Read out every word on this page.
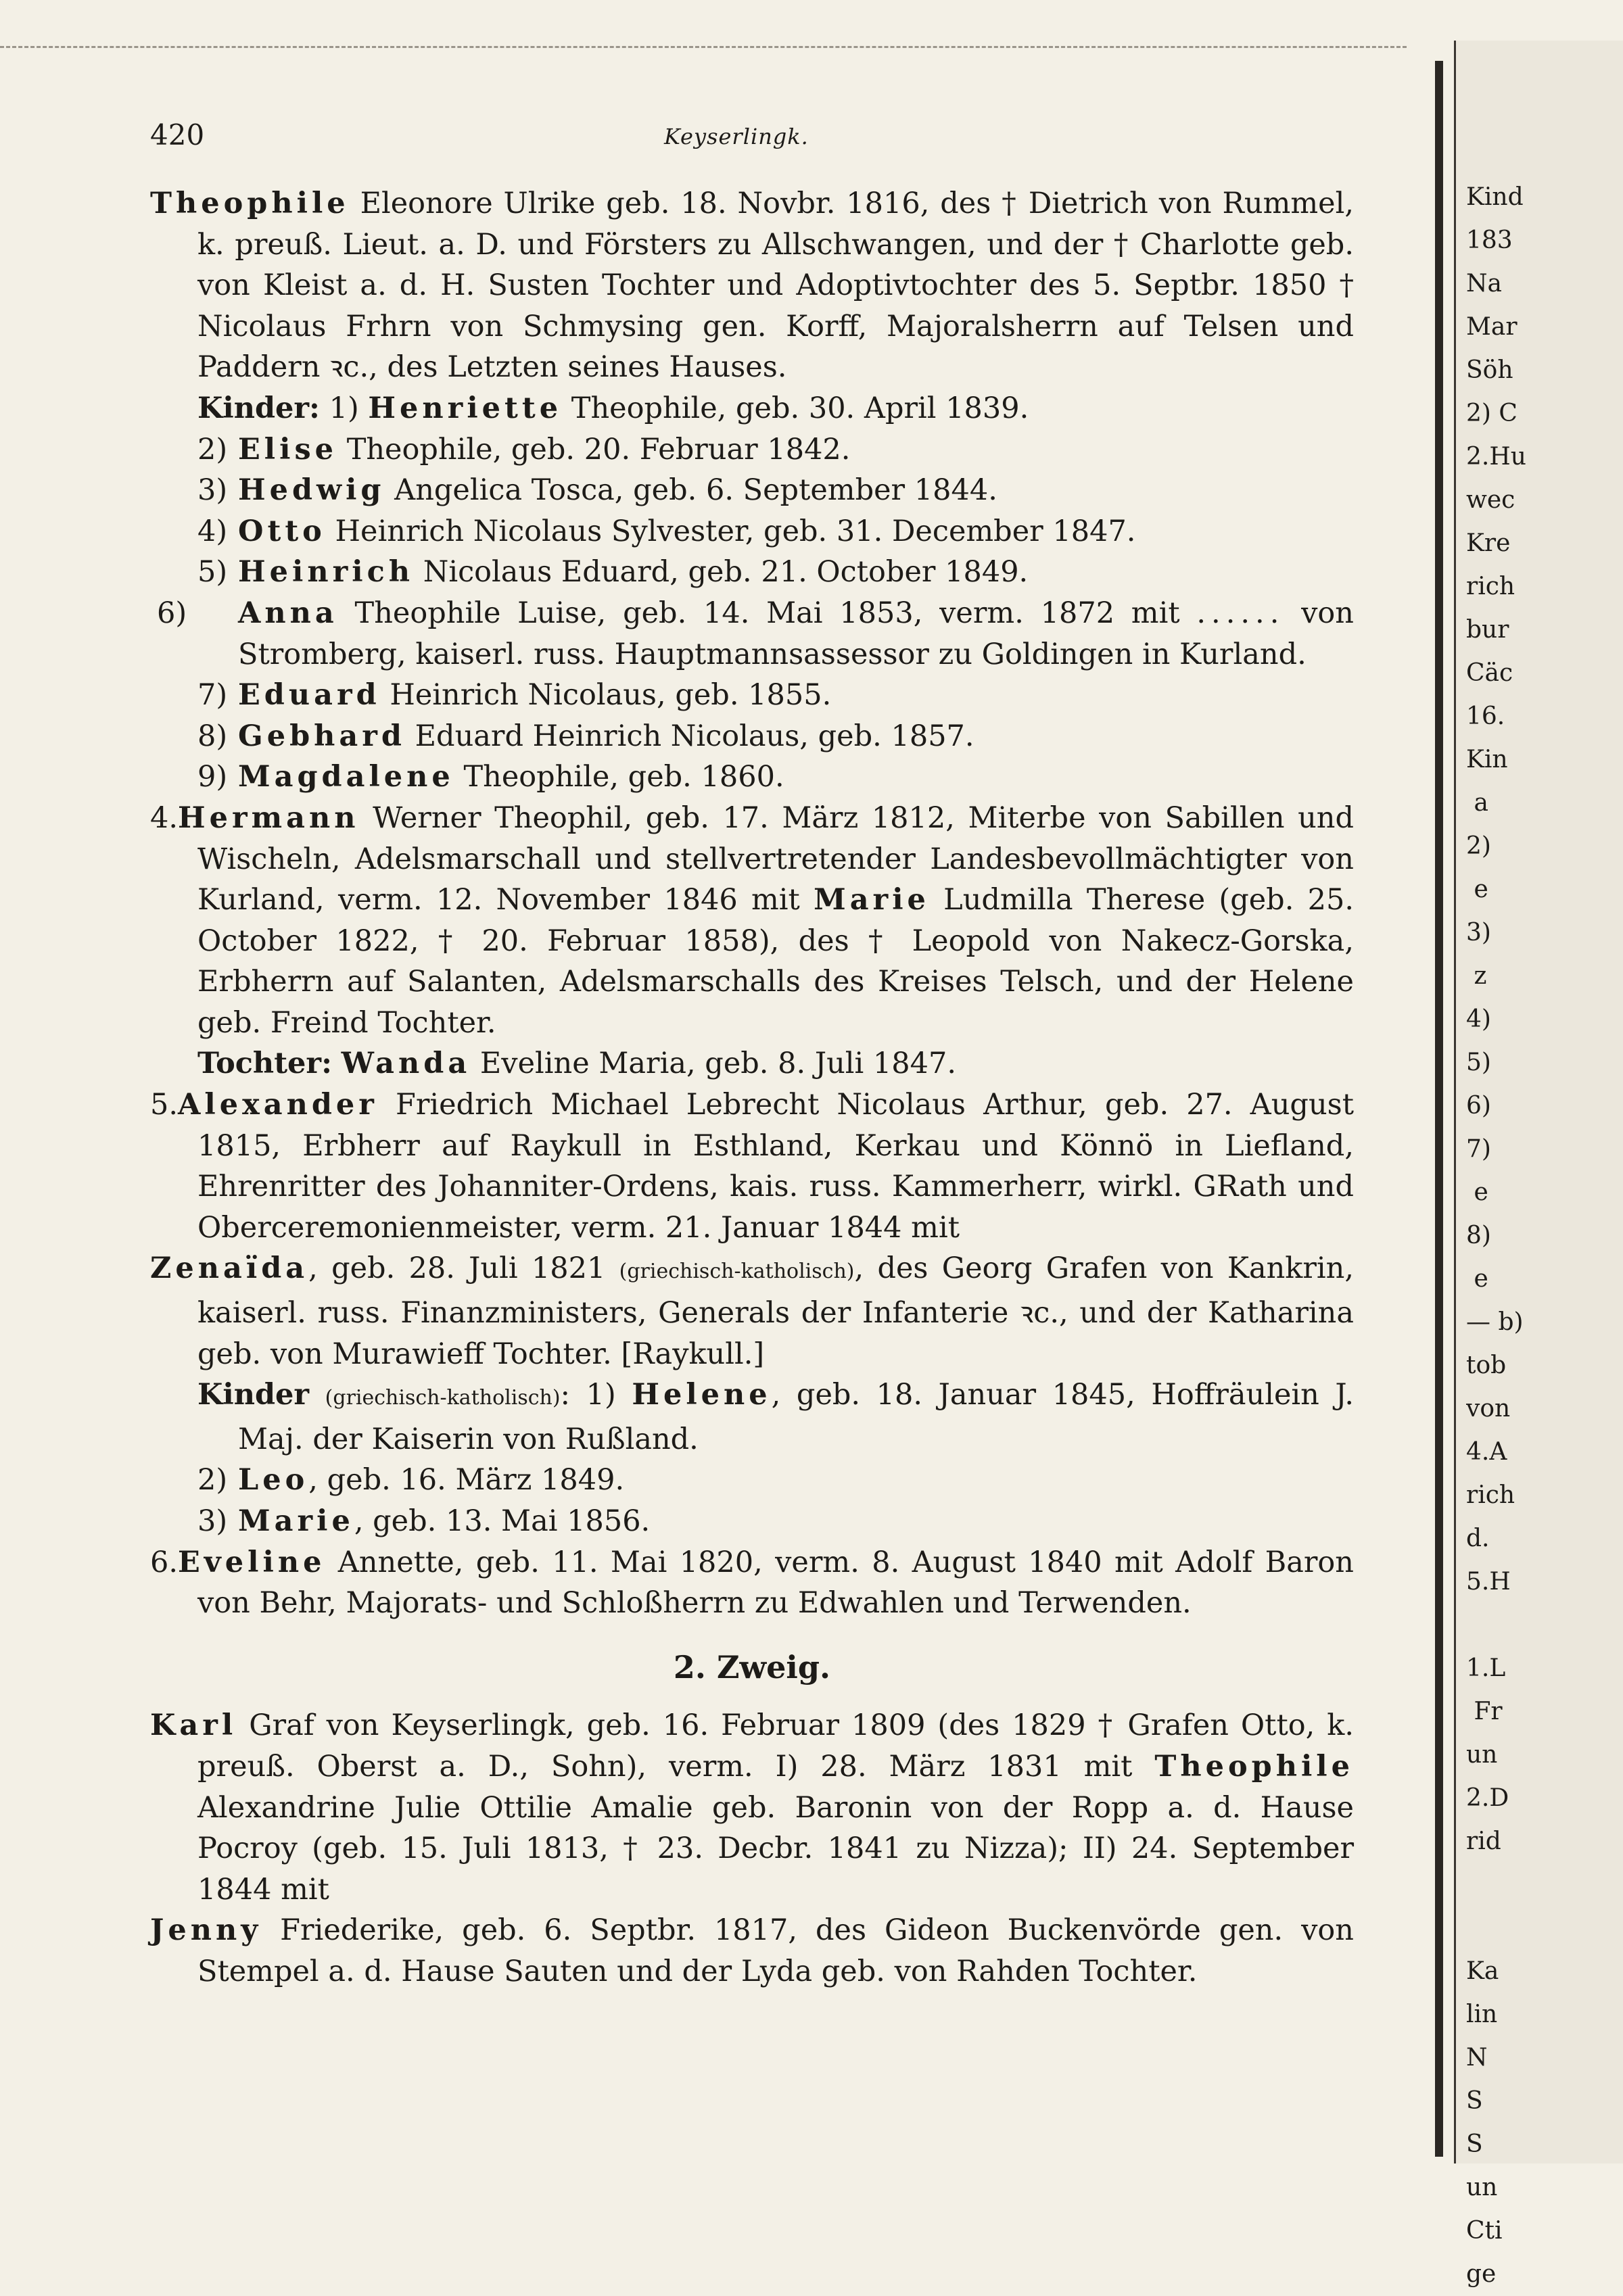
Kind
183
Na
Mar
Söh
2) C
2.Hu
wec
Kre
rich
bur
Cäc
16.
Kin
a
2)
e
3)
z
4)
5)
6)
7)
e
8)
e
— b)
tob
von
4.A
rich
d.
5.H

1.L
Fr
un
2.D
rid

Ka
lin
N
S
S
un
Cti
ge
420	Keyserlingk.

Theophile Eleonore Ulrike geb. 18. Novbr. 1816, des † Dietrich von Rummel, k. preuß. Lieut. a. D. und Försters zu Allschwangen, und der † Charlotte geb. von Kleist a. d. H. Susten Tochter und Adoptivtochter des 5. Septbr. 1850 † Nicolaus Frhrn von Schmysing gen. Korff, Majoralsherrn auf Telsen und Paddern ꝛc., des Letzten seines Hauses.

Kinder: 1) Henriette Theophile, geb. 30. April 1839.

2) Elise Theophile, geb. 20. Februar 1842.

3) Hedwig Angelica Tosca, geb. 6. September 1844.

4) Otto Heinrich Nicolaus Sylvester, geb. 31. December 1847.

5) Heinrich Nicolaus Eduard, geb. 21. October 1849.

6) Anna Theophile Luise, geb. 14. Mai 1853, verm. 1872 mit ...... von Stromberg, kaiserl. russ. Hauptmannsassessor zu Goldingen in Kurland.

7) Eduard Heinrich Nicolaus, geb. 1855.

8) Gebhard Eduard Heinrich Nicolaus, geb. 1857.

9) Magdalene Theophile, geb. 1860.

4.Hermann Werner Theophil, geb. 17. März 1812, Miterbe von Sabillen und Wischeln, Adelsmarschall und stellvertretender Landesbevollmächtigter von Kurland, verm. 12. November 1846 mit Marie Ludmilla Therese (geb. 25. October 1822, † 20. Februar 1858), des † Leopold von Nakecz-Gorska, Erbherrn auf Salanten, Adelsmarschalls des Kreises Telsch, und der Helene geb. Freind Tochter.

Tochter: Wanda Eveline Maria, geb. 8. Juli 1847.

5.Alexander Friedrich Michael Lebrecht Nicolaus Arthur, geb. 27. August 1815, Erbherr auf Raykull in Esthland, Kerkau und Könnö in Liefland, Ehrenritter des Johanniter-Ordens, kais. russ. Kammerherr, wirkl. GRath und Oberceremonienmeister, verm. 21. Januar 1844 mit

Zenaïda, geb. 28. Juli 1821 (griechisch-katholisch), des Georg Grafen von Kankrin, kaiserl. russ. Finanzministers, Generals der Infanterie ꝛc., und der Katharina geb. von Murawieff Tochter. [Raykull.]

Kinder (griechisch-katholisch): 1) Helene, geb. 18. Januar 1845, Hoffräulein J. Maj. der Kaiserin von Rußland.

2) Leo, geb. 16. März 1849.

3) Marie, geb. 13. Mai 1856.

6.Eveline Annette, geb. 11. Mai 1820, verm. 8. August 1840 mit Adolf Baron von Behr, Majorats- und Schloßherrn zu Edwahlen und Terwenden.

2. Zweig.

Karl Graf von Keyserlingk, geb. 16. Februar 1809 (des 1829 † Grafen Otto, k. preuß. Oberst a. D., Sohn), verm. I) 28. März 1831 mit Theophile Alexandrine Julie Ottilie Amalie geb. Baronin von der Ropp a. d. Hause Pocroy (geb. 15. Juli 1813, † 23. Decbr. 1841 zu Nizza); II) 24. September 1844 mit

Jenny Friederike, geb. 6. Septbr. 1817, des Gideon Buckenvörde gen. von Stempel a. d. Hause Sauten und der Lyda geb. von Rahden Tochter.
